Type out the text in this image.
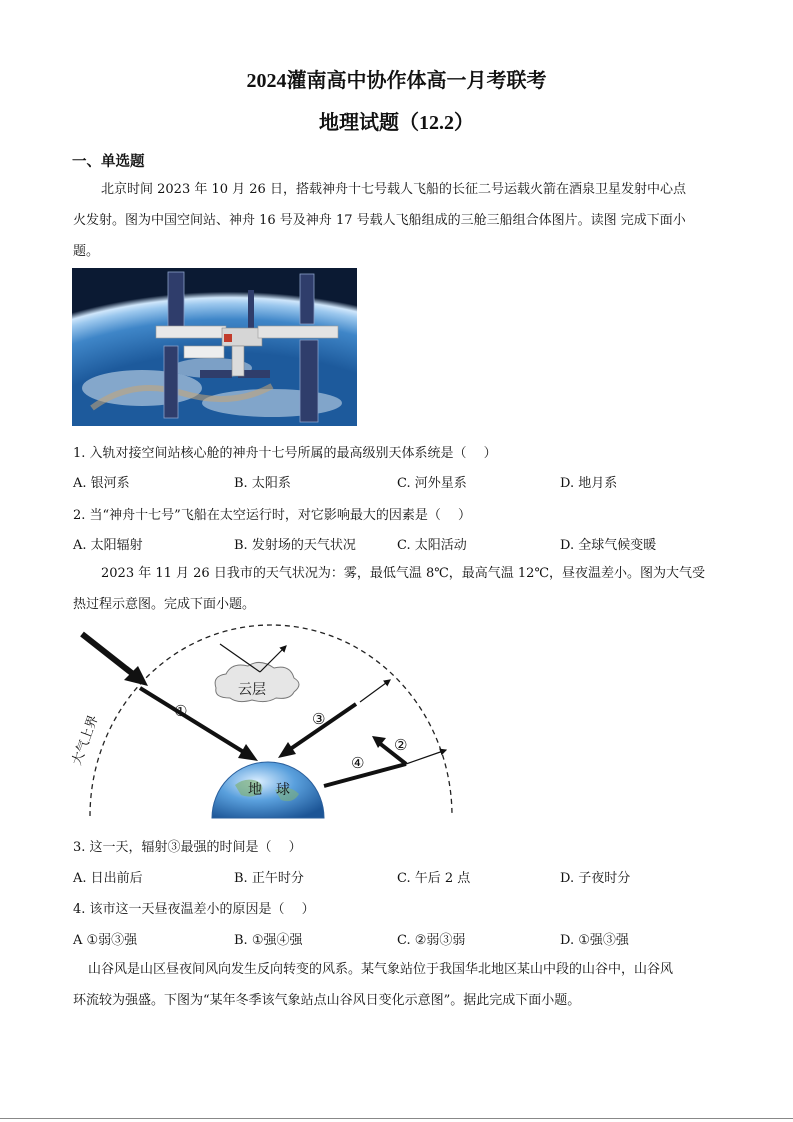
2024灌南高中协作体高一月考联考
地理试题（12.2）
一、单选题
北京时间 2023 年 10 月 26 日，搭载神舟十七号载人飞船的长征二号运载火箭在酒泉卫星发射中心点
火发射。图为中国空间站、神舟 16 号及神舟 17 号载人飞船组成的三舱三船组合体图片。读图 完成下面小
题。
1. 入轨对接空间站核心舱的神舟十七号所属的最高级别天体系统是（　 ）
A. 银河系	B. 太阳系	C. 河外星系	D. 地月系
2. 当“神舟十七号”飞船在太空运行时，对它影响最大的因素是（　 ）
A. 太阳辐射	B. 发射场的天气状况	C. 太阳活动	D. 全球气候变暖
2023 年 11 月 26 日我市的天气状况为：雾，最低气温 8℃，最高气温 12℃，昼夜温差小。图为大气受
热过程示意图。完成下面小题。
地　球
云层
①	③
④
②
大气上界
3. 这一天，辐射③最强的时间是（　 ）
A. 日出前后	B. 正午时分	C. 午后 2 点	D. 子夜时分
4. 该市这一天昼夜温差小的原因是（　 ）
A ①弱③强	B. ①强④强	C. ②弱③弱	D. ①强③强
山谷风是山区昼夜间风向发生反向转变的风系。某气象站位于我国华北地区某山中段的山谷中，山谷风
环流较为强盛。下图为“某年冬季该气象站点山谷风日变化示意图”。据此完成下面小题。
